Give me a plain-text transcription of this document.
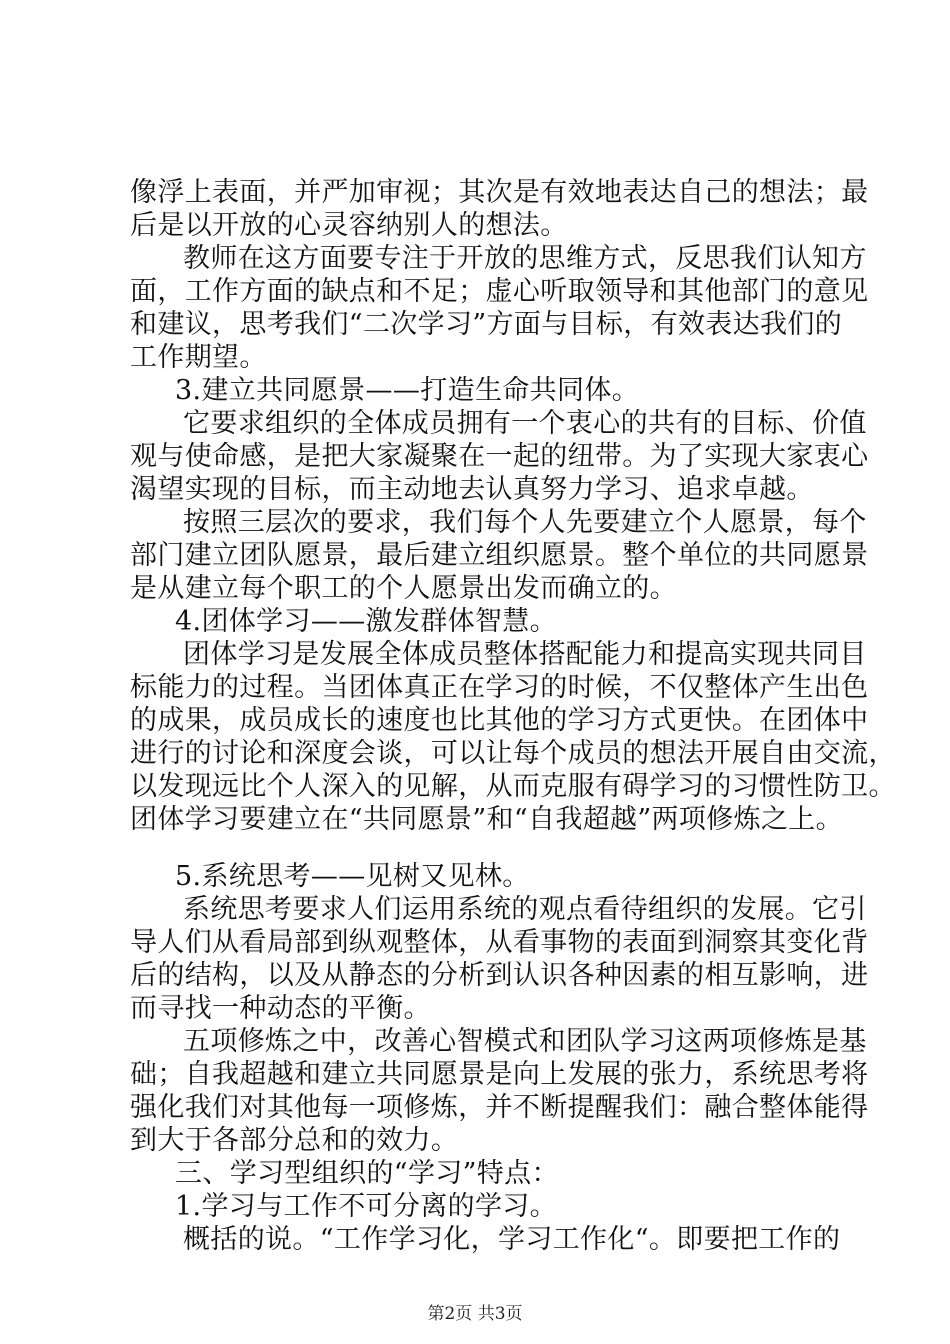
像浮上表面，并严加审视；其次是有效地表达自己的想法；最
后是以开放的心灵容纳别人的想法。
教师在这方面要专注于开放的思维方式，反思我们认知方
面，工作方面的缺点和不足；虚心听取领导和其他部门的意见
和建议，思考我们“二次学习”方面与目标，有效表达我们的
工作期望。
3.建立共同愿景——打造生命共同体。
它要求组织的全体成员拥有一个衷心的共有的目标、价值
观与使命感，是把大家凝聚在一起的纽带。为了实现大家衷心
渴望实现的目标，而主动地去认真努力学习、追求卓越。
按照三层次的要求，我们每个人先要建立个人愿景，每个
部门建立团队愿景，最后建立组织愿景。整个单位的共同愿景
是从建立每个职工的个人愿景出发而确立的。
4.团体学习——激发群体智慧。
团体学习是发展全体成员整体搭配能力和提高实现共同目
标能力的过程。当团体真正在学习的时候，不仅整体产生出色
的成果，成员成长的速度也比其他的学习方式更快。在团体中
进行的讨论和深度会谈，可以让每个成员的想法开展自由交流，
以发现远比个人深入的见解，从而克服有碍学习的习惯性防卫。
团体学习要建立在“共同愿景”和“自我超越”两项修炼之上。
5.系统思考——见树又见林。
系统思考要求人们运用系统的观点看待组织的发展。它引
导人们从看局部到纵观整体，从看事物的表面到洞察其变化背
后的结构，以及从静态的分析到认识各种因素的相互影响，进
而寻找一种动态的平衡。
五项修炼之中，改善心智模式和团队学习这两项修炼是基
础；自我超越和建立共同愿景是向上发展的张力，系统思考将
强化我们对其他每一项修炼，并不断提醒我们：融合整体能得
到大于各部分总和的效力。
三、学习型组织的“学习”特点：
1.学习与工作不可分离的学习。
概括的说。“工作学习化，学习工作化“。即要把工作的
第2页 共3页
